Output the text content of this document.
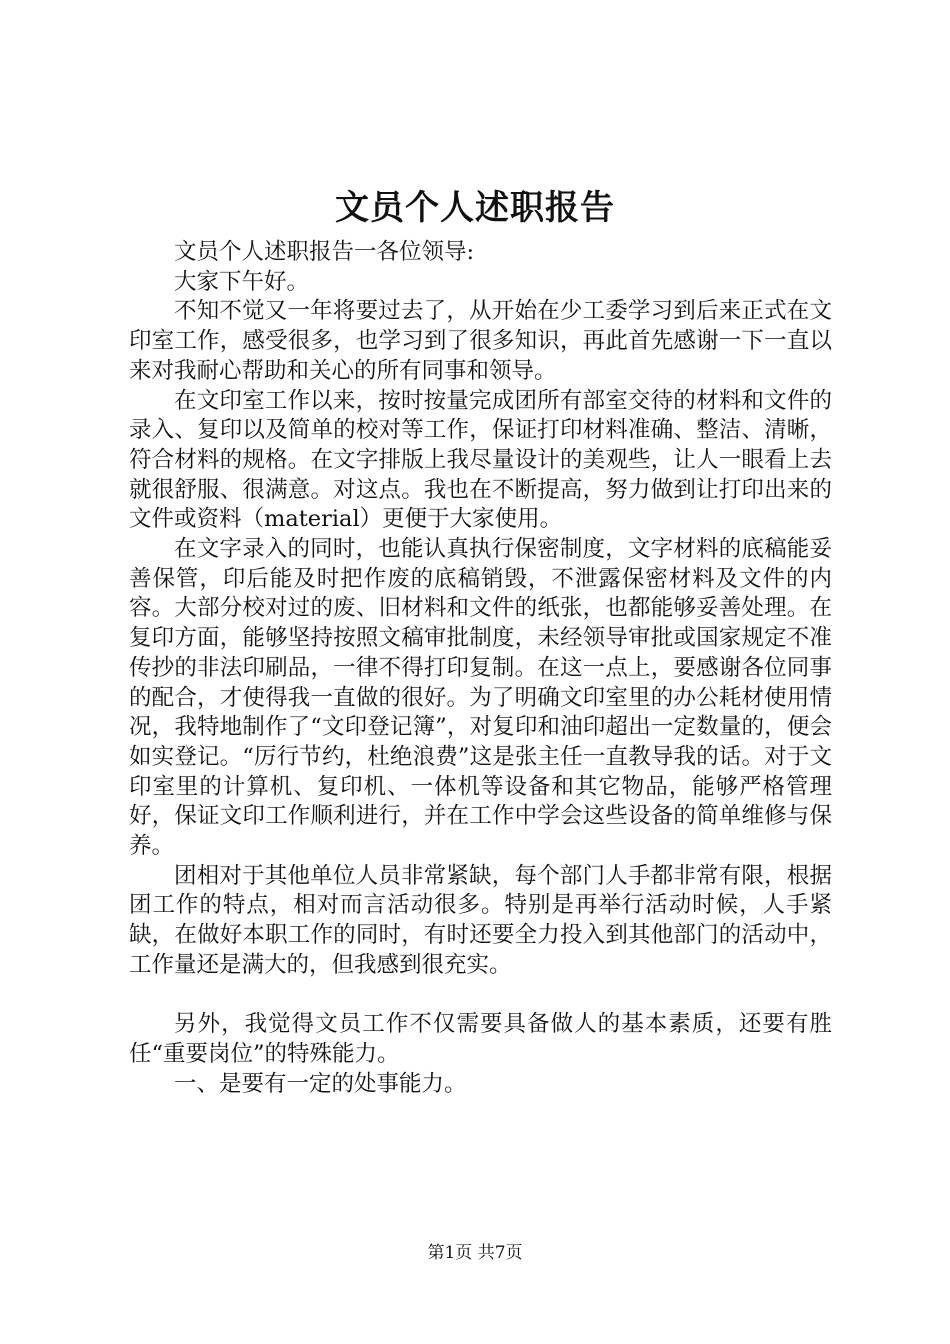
文员个人述职报告

文员个人述职报告一各位领导:

大家下午好。

不知不觉又一年将要过去了，从开始在少工委学习到后来正式在文印室工作，感受很多，也学习到了很多知识，再此首先感谢一下一直以来对我耐心帮助和关心的所有同事和领导。

在文印室工作以来，按时按量完成团所有部室交待的材料和文件的录入、复印以及简单的校对等工作，保证打印材料准确、整洁、清晰，符合材料的规格。在文字排版上我尽量设计的美观些，让人一眼看上去就很舒服、很满意。对这点。我也在不断提高，努力做到让打印出来的文件或资料（material）更便于大家使用。

在文字录入的同时，也能认真执行保密制度，文字材料的底稿能妥善保管，印后能及时把作废的底稿销毁，不泄露保密材料及文件的内容。大部分校对过的废、旧材料和文件的纸张，也都能够妥善处理。在复印方面，能够坚持按照文稿审批制度，未经领导审批或国家规定不准传抄的非法印刷品，一律不得打印复制。在这一点上，要感谢各位同事的配合，才使得我一直做的很好。为了明确文印室里的办公耗材使用情况，我特地制作了“文印登记簿”，对复印和油印超出一定数量的，便会如实登记。“厉行节约，杜绝浪费”这是张主任一直教导我的话。对于文印室里的计算机、复印机、一体机等设备和其它物品，能够严格管理好，保证文印工作顺利进行，并在工作中学会这些设备的简单维修与保养。

团相对于其他单位人员非常紧缺，每个部门人手都非常有限，根据团工作的特点，相对而言活动很多。特别是再举行活动时候，人手紧缺，在做好本职工作的同时，有时还要全力投入到其他部门的活动中，工作量还是满大的，但我感到很充实。

另外，我觉得文员工作不仅需要具备做人的基本素质，还要有胜任“重要岗位”的特殊能力。

一、是要有一定的处事能力。

第1页 共7页
